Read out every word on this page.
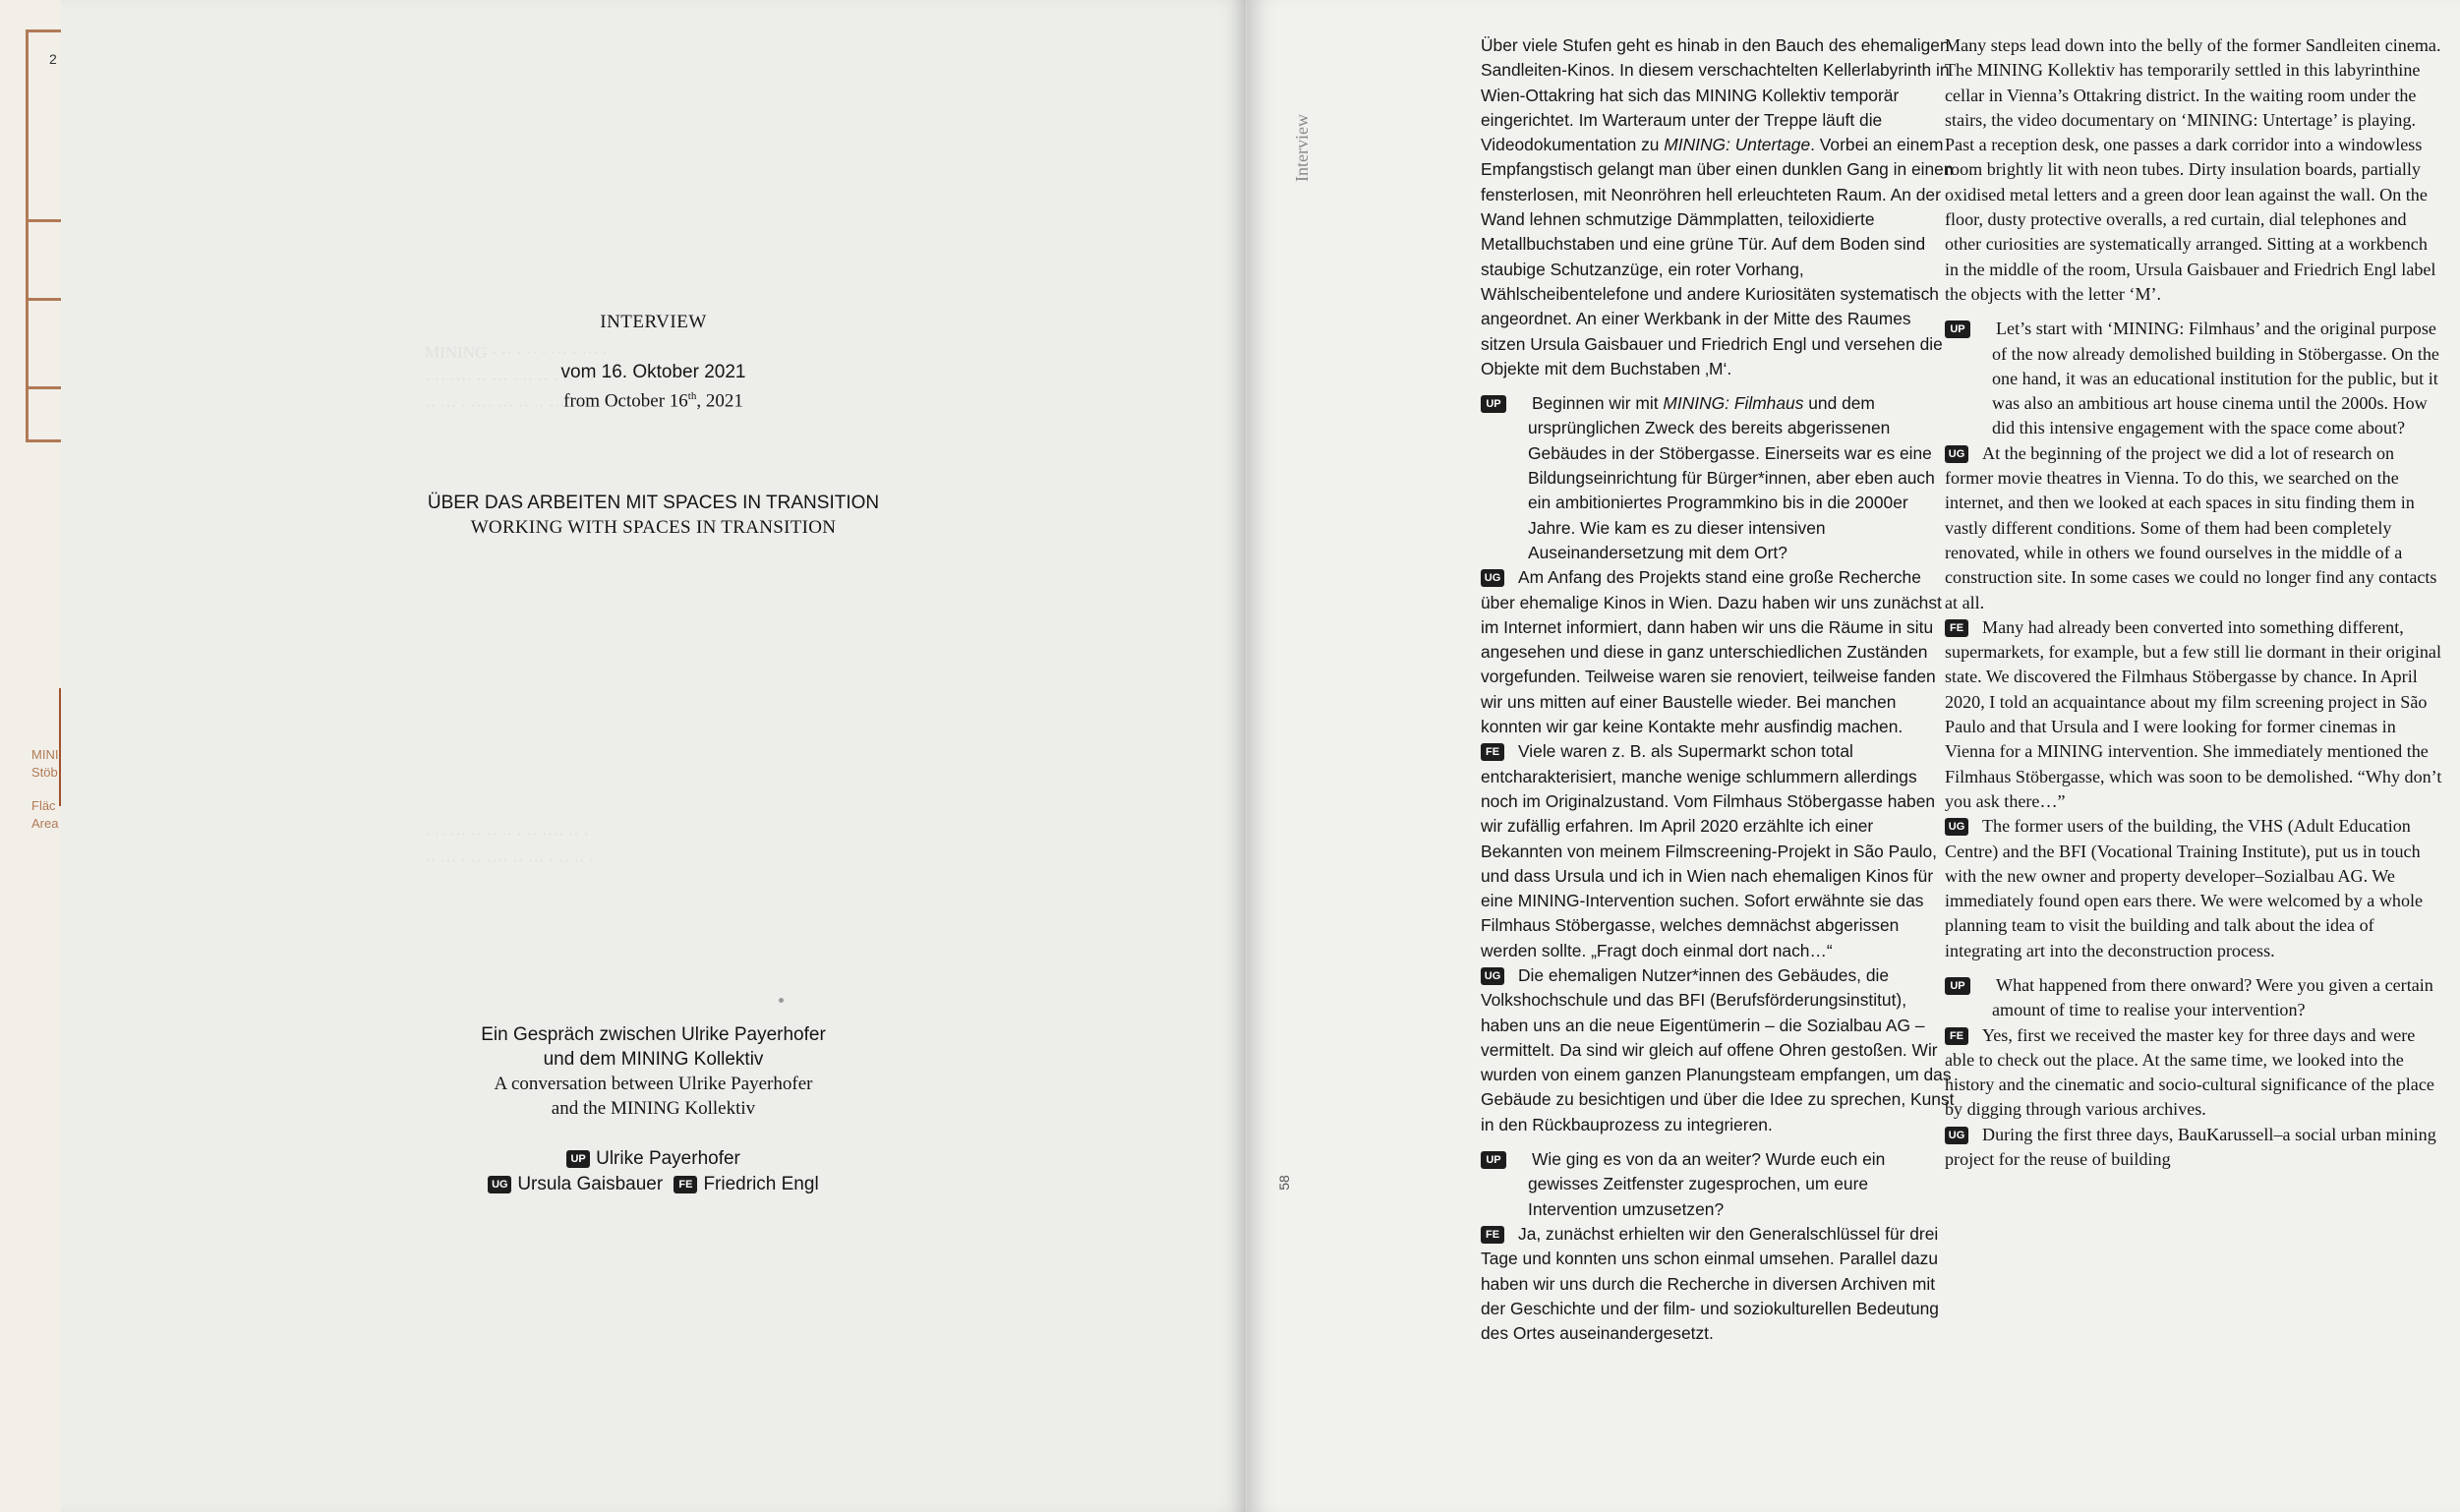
2
MINI
Stöb
Fläc
Area
MINING · ·· · ·· · ··· · ··· ·
· ·· ···· ·· ··· · ·· ·· · ···· ·
·· ··· · ···· ··· ·· ·· ··· ···· ·
· ·· ··· ·· ·· ·· · ·· ···· ·· ·
·· ··· · ·· ···· ·· ··· · ·· ·· ·
INTERVIEW
vom 16. Oktober 2021
from October 16th, 2021
ÜBER DAS ARBEITEN MIT SPACES IN TRANSITION
WORKING WITH SPACES IN TRANSITION
Ein Gespräch zwischen Ulrike Payerhofer
und dem MINING Kollektiv
A conversation between Ulrike Payerhofer
and the MINING Kollektiv
UP Ulrike Payerhofer
UG Ursula Gaisbauer FE Friedrich Engl
Interview
58

Über viele Stufen geht es hinab in den Bauch des ehemaligen Sandleiten-Kinos. In diesem verschachtelten Kellerlabyrinth in Wien-Ottakring hat sich das MINING Kollektiv temporär eingerichtet. Im Warteraum unter der Treppe läuft die Videodokumentation zu MINING: Untertage. Vorbei an einem Empfangstisch gelangt man über einen dunklen Gang in einen fensterlosen, mit Neonröhren hell erleuchteten Raum. An der Wand lehnen schmutzige Dämmplatten, teiloxidierte Metallbuchstaben und eine grüne Tür. Auf dem Boden sind staubige Schutzanzüge, ein roter Vorhang, Wählscheibentelefone und andere Kuriositäten systematisch angeordnet. An einer Werkbank in der Mitte des Raumes sitzen Ursula Gaisbauer und Friedrich Engl und versehen die Objekte mit dem Buchstaben ‚M‘.

UP Beginnen wir mit MINING: Filmhaus und dem ursprünglichen Zweck des bereits abgerissenen Gebäudes in der Stöbergasse. Einerseits war es eine Bildungseinrichtung für Bürger*innen, aber eben auch ein ambitioniertes Programmkino bis in die 2000er Jahre. Wie kam es zu dieser intensiven Auseinandersetzung mit dem Ort?

UG Am Anfang des Projekts stand eine große Recherche über ehemalige Kinos in Wien. Dazu haben wir uns zunächst im Internet informiert, dann haben wir uns die Räume in situ angesehen und diese in ganz unterschiedlichen Zuständen vorgefunden. Teilweise waren sie renoviert, teilweise fanden wir uns mitten auf einer Baustelle wieder. Bei manchen konnten wir gar keine Kontakte mehr ausfindig machen.

FE Viele waren z. B. als Supermarkt schon total entcharakterisiert, manche wenige schlummern allerdings noch im Originalzustand. Vom Filmhaus Stöbergasse haben wir zufällig erfahren. Im April 2020 erzählte ich einer Bekannten von meinem Filmscreening-Projekt in São Paulo, und dass Ursula und ich in Wien nach ehemaligen Kinos für eine MINING-Intervention suchen. Sofort erwähnte sie das Filmhaus Stöbergasse, welches demnächst abgerissen werden sollte. „Fragt doch einmal dort nach…“

UG Die ehemaligen Nutzer*innen des Gebäudes, die Volkshochschule und das BFI (Berufsförderungsinstitut), haben uns an die neue Eigentümerin – die Sozialbau AG – vermittelt. Da sind wir gleich auf offene Ohren gestoßen. Wir wurden von einem ganzen Planungsteam empfangen, um das Gebäude zu besichtigen und über die Idee zu sprechen, Kunst in den Rückbauprozess zu integrieren.

UP Wie ging es von da an weiter? Wurde euch ein gewisses Zeitfenster zugesprochen, um eure Intervention umzusetzen?

FE Ja, zunächst erhielten wir den Generalschlüssel für drei Tage und konnten uns schon einmal umsehen. Parallel dazu haben wir uns durch die Recherche in diversen Archiven mit der Geschichte und der film- und soziokulturellen Bedeutung des Ortes auseinandergesetzt.

Many steps lead down into the belly of the former Sandleiten cinema. The MINING Kollektiv has temporarily settled in this labyrinthine cellar in Vienna’s Ottakring district. In the waiting room under the stairs, the video documentary on ‘MINING: Untertage’ is playing. Past a reception desk, one passes a dark corridor into a windowless room brightly lit with neon tubes. Dirty insulation boards, partially oxidised metal letters and a green door lean against the wall. On the floor, dusty protective overalls, a red curtain, dial telephones and other curiosities are systematically arranged. Sitting at a workbench in the middle of the room, Ursula Gaisbauer and Friedrich Engl label the objects with the letter ‘M’.

UP Let’s start with ‘MINING: Filmhaus’ and the original purpose of the now already demolished building in Stöbergasse. On the one hand, it was an educational institution for the public, but it was also an ambitious art house cinema until the 2000s. How did this intensive engagement with the space come about?

UG At the beginning of the project we did a lot of research on former movie theatres in Vienna. To do this, we searched on the internet, and then we looked at each spaces in situ finding them in vastly different conditions. Some of them had been completely renovated, while in others we found ourselves in the middle of a construction site. In some cases we could no longer find any contacts at all.

FE Many had already been converted into something different, supermarkets, for example, but a few still lie dormant in their original state. We discovered the Filmhaus Stöbergasse by chance. In April 2020, I told an acquaintance about my film screening project in São Paulo and that Ursula and I were looking for former cinemas in Vienna for a MINING intervention. She immediately mentioned the Filmhaus Stöbergasse, which was soon to be demolished. “Why don’t you ask there…”

UG The former users of the building, the VHS (Adult Education Centre) and the BFI (Vocational Training Institute), put us in touch with the new owner and property developer–Sozialbau AG. We immediately found open ears there. We were welcomed by a whole planning team to visit the building and talk about the idea of integrating art into the deconstruction process.

UP What happened from there onward? Were you given a certain amount of time to realise your intervention?

FE Yes, first we received the master key for three days and were able to check out the place. At the same time, we looked into the history and the cinematic and socio-cultural significance of the place by digging through various archives.

UG During the first three days, BauKarussell–a social urban mining project for the reuse of building
